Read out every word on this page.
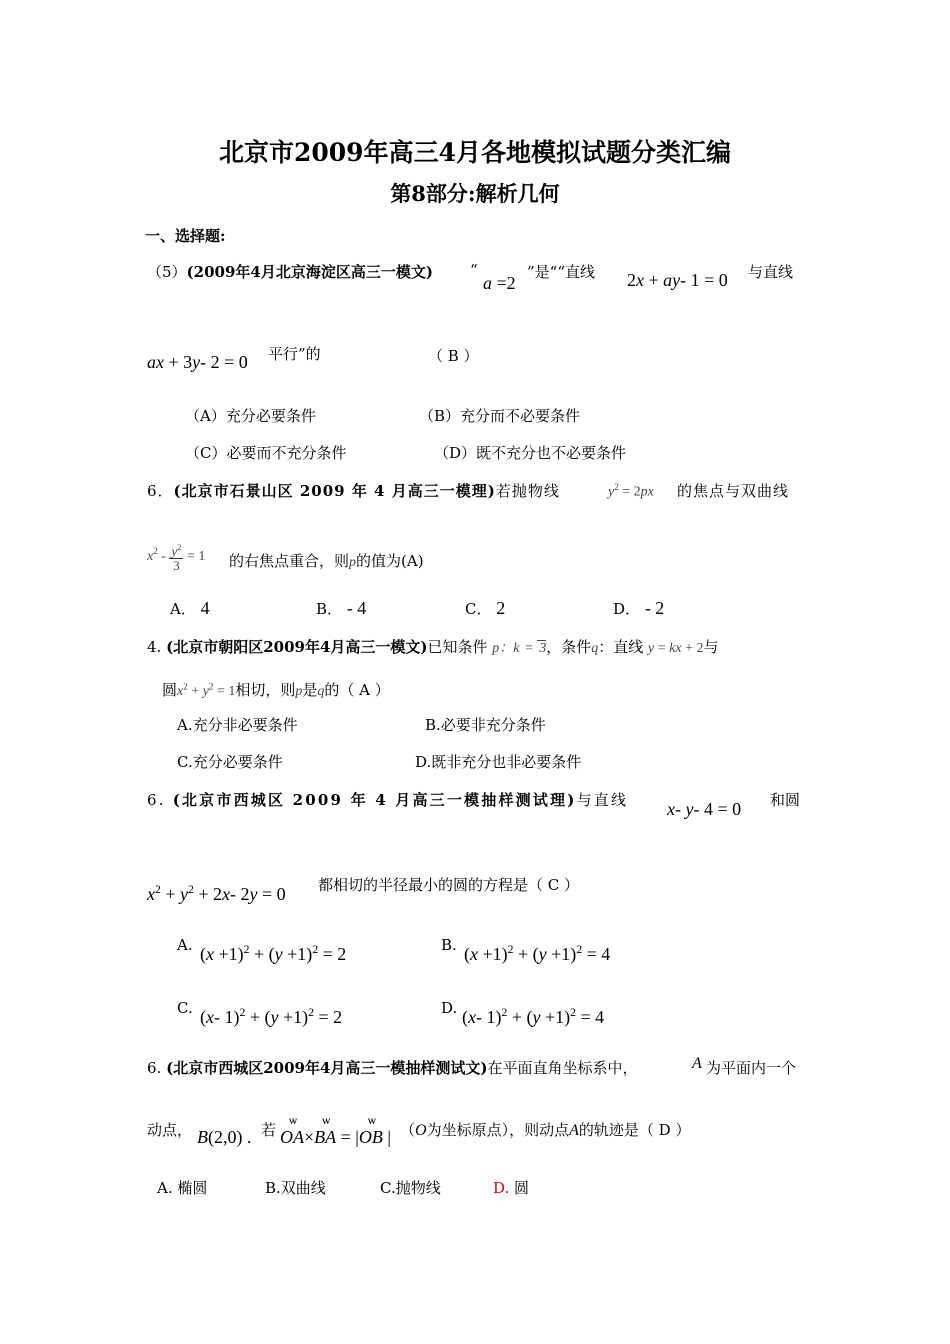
北京市2009年高三4月各地模拟试题分类汇编
第8部分:解析几何
一、选择题:
（5）(2009年4月北京海淀区高三一模文) “
a =2
”是““直线 2x + ay- 1 = 0 与直线
ax + 3y- 2 = 0 平行”的	（ B ）
（A）充分必要条件	（B）充分而不必要条件
（C）必要而不充分条件	（D）既不充分也不必要条件
6．(北京市石景山区 2009 年 4 月高三一模理)若抛物线	$y^2 = 2px$ 的焦点与双曲线
$x^2 - \frac{y^2}{3} = 1$ 的右焦点重合，则p的值为(A)
A． 4	B． - 4	C． 2	D． - 2
4. (北京市朝阳区2009年4月高三一模文)已知条件 p：k = 3，条件q：直线 y = kx + 2与
圆$x^2 + y^2 = 1$相切，则p是q的（ A ）
A.充分非必要条件	B.必要非充分条件
C.充分必要条件	D.既非充分也非必要条件
6. (北京市西城区 2009 年 4 月高三一模抽样测试理)与直线 x- y- 4 = 0 和圆
$x^2 + y^2 + 2x-$ 2y = 0 都相切的半径最小的圆的方程是（ C ）
A. $(x +1)^2 + (y +1)^2 = 2$	B. $(x +1)^2 + (y +1)^2 = 4$
C. (x- $1)^2 + (y +1)^2 = 2$	D. (x- $1)^2 + (y +1)^2 = 4$
6. (北京市西城区2009年4月高三一模抽样测试文)在平面直角坐标系中，	A 为平面内一个
动点， B(2,0) . 若
ѡ OA×ѡ BA = |ѡ OB | （O为坐标原点），则动点A的轨迹是（ D ）
A. 椭圆	B.双曲线	C.抛物线	D. 圆
